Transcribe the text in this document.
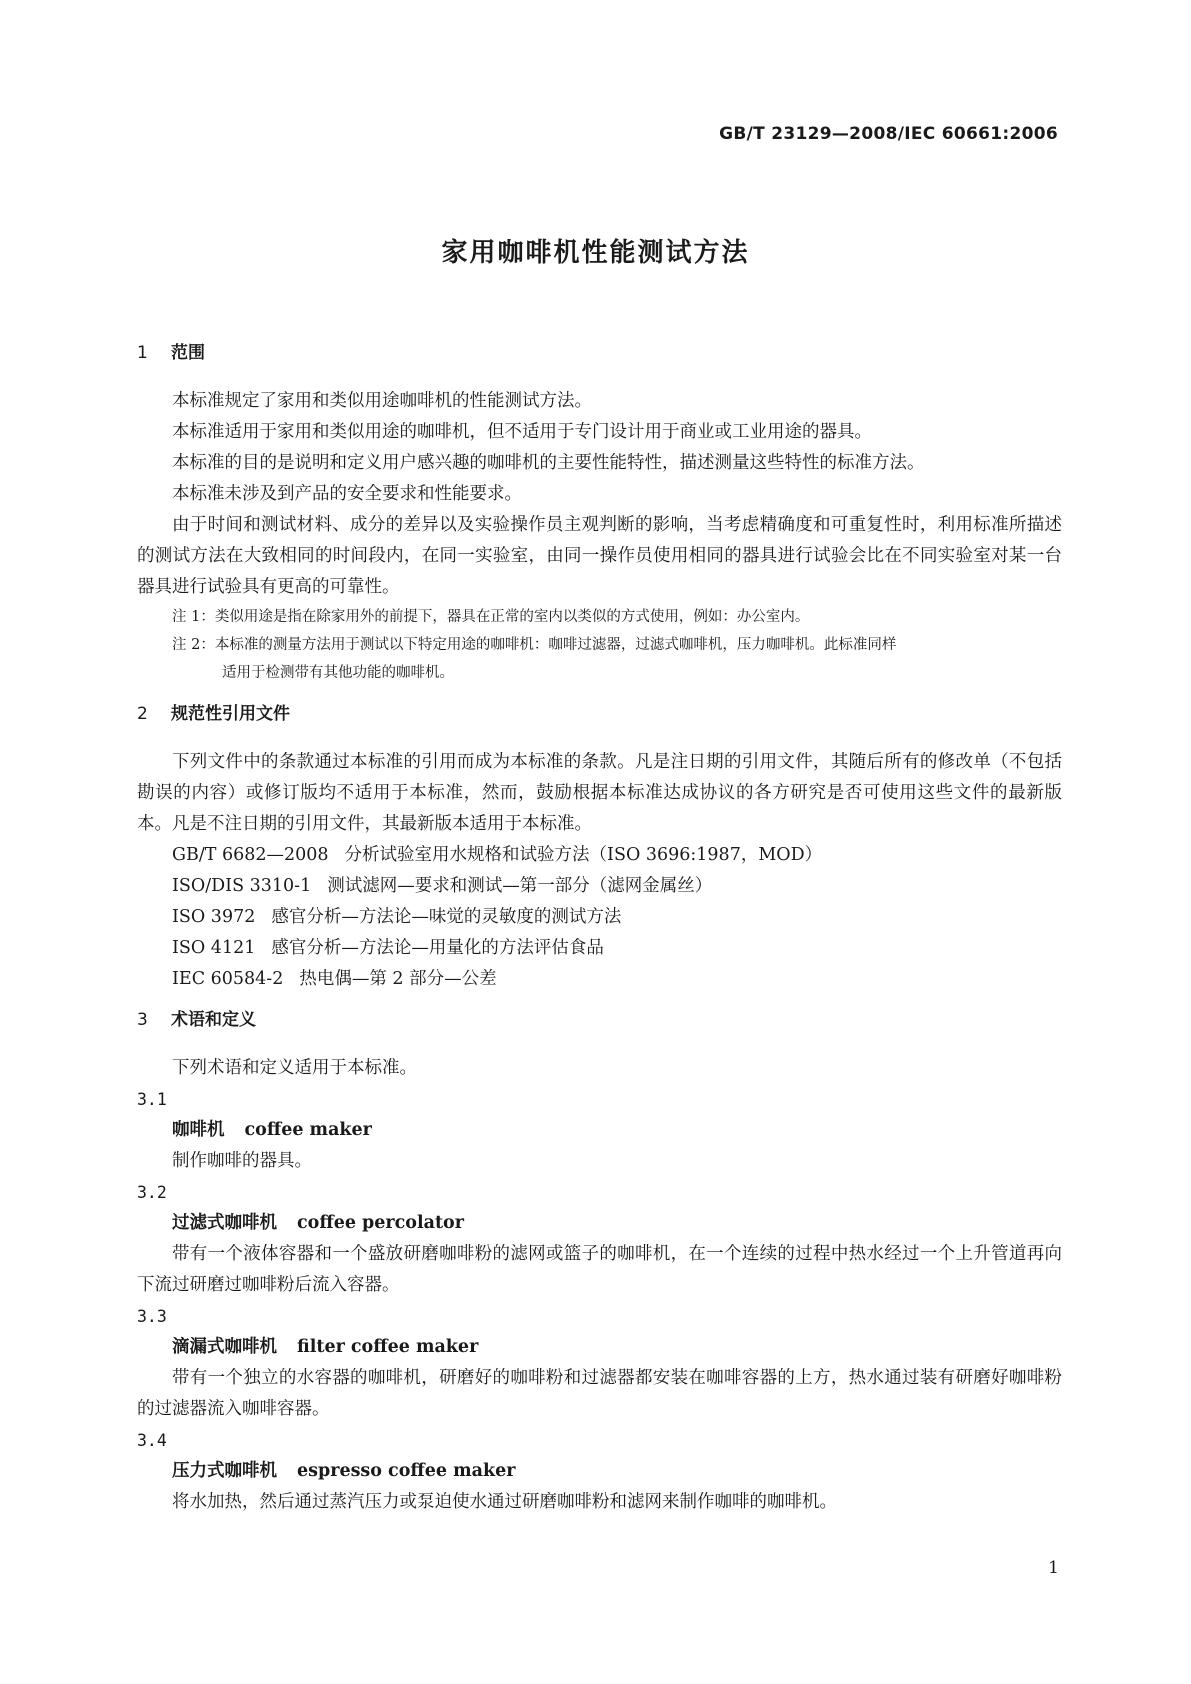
GB/T 23129—2008/IEC 60661:2006
家用咖啡机性能测试方法
1 范围

本标准规定了家用和类似用途咖啡机的性能测试方法。

本标准适用于家用和类似用途的咖啡机，但不适用于专门设计用于商业或工业用途的器具。

本标准的目的是说明和定义用户感兴趣的咖啡机的主要性能特性，描述测量这些特性的标准方法。

本标准未涉及到产品的安全要求和性能要求。

由于时间和测试材料、成分的差异以及实验操作员主观判断的影响，当考虑精确度和可重复性时，利用标准所描述的测试方法在大致相同的时间段内，在同一实验室，由同一操作员使用相同的器具进行试验会比在不同实验室对某一台器具进行试验具有更高的可靠性。

注 1：类似用途是指在除家用外的前提下，器具在正常的室内以类似的方式使用，例如：办公室内。

注 2：本标准的测量方法用于测试以下特定用途的咖啡机：咖啡过滤器，过滤式咖啡机，压力咖啡机。此标准同样

适用于检测带有其他功能的咖啡机。

2 规范性引用文件

下列文件中的条款通过本标准的引用而成为本标准的条款。凡是注日期的引用文件，其随后所有的修改单（不包括勘误的内容）或修订版均不适用于本标准，然而，鼓励根据本标准达成协议的各方研究是否可使用这些文件的最新版本。凡是不注日期的引用文件，其最新版本适用于本标准。

GB/T 6682—2008 分析试验室用水规格和试验方法（ISO 3696:1987，MOD）

ISO/DIS 3310-1 测试滤网—要求和测试—第一部分（滤网金属丝）

ISO 3972 感官分析—方法论—味觉的灵敏度的测试方法

ISO 4121 感官分析—方法论—用量化的方法评估食品

IEC 60584-2 热电偶—第 2 部分—公差

3 术语和定义

下列术语和定义适用于本标准。

3.1

咖啡机 coffee maker

制作咖啡的器具。

3.2

过滤式咖啡机 coffee percolator

带有一个液体容器和一个盛放研磨咖啡粉的滤网或篮子的咖啡机，在一个连续的过程中热水经过一个上升管道再向下流过研磨过咖啡粉后流入容器。

3.3

滴漏式咖啡机 filter coffee maker

带有一个独立的水容器的咖啡机，研磨好的咖啡粉和过滤器都安装在咖啡容器的上方，热水通过装有研磨好咖啡粉的过滤器流入咖啡容器。

3.4

压力式咖啡机 espresso coffee maker

将水加热，然后通过蒸汽压力或泵迫使水通过研磨咖啡粉和滤网来制作咖啡的咖啡机。

1
